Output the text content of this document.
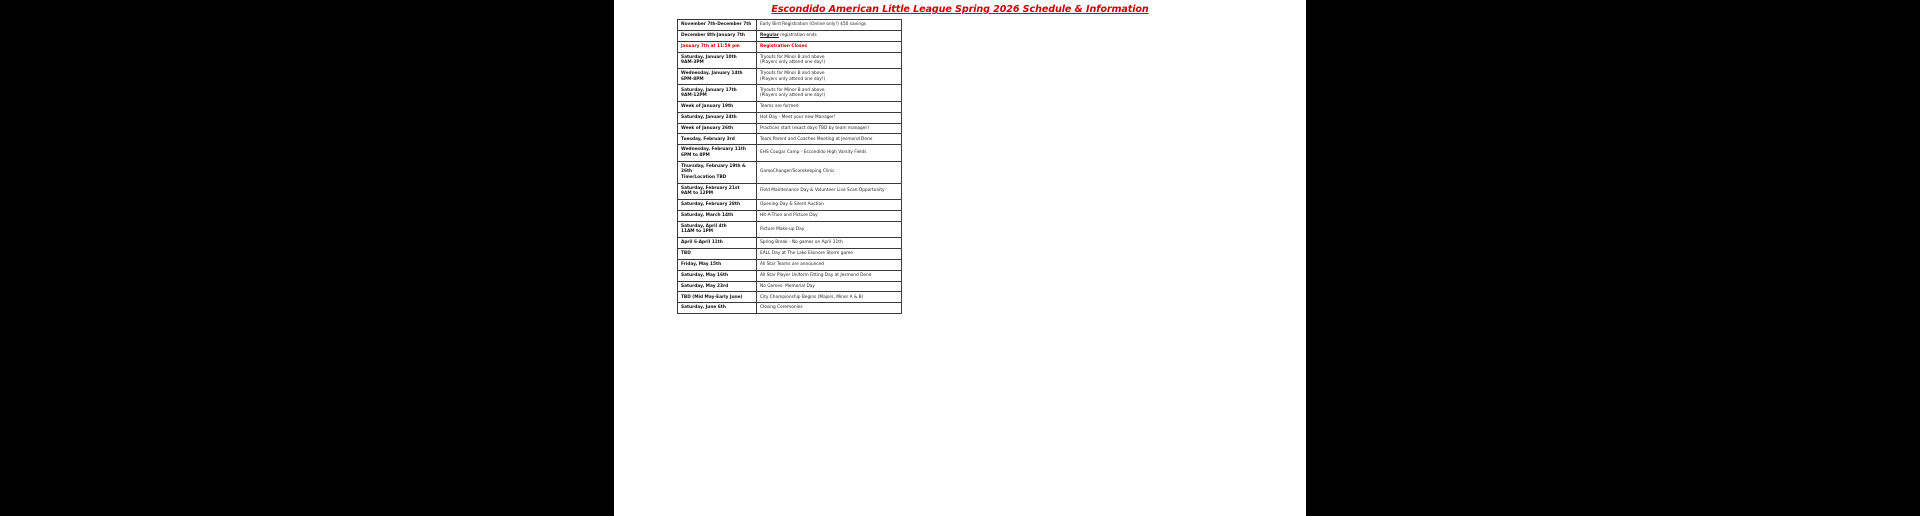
Escondido American Little League Spring 2026 Schedule & Information
November 7th-December 7th	Early Bird Registration (Online only!) $50 savings
December 8th-January 7th	Regular registration ends
January 7th at 11:59 pm	Registration Closes
Saturday, January 10th
9AM-3PM	Tryouts for Minor B and above
(Players only attend one day!)

Wednesday, January 14th
6PM-8PM	Tryouts for Minor B and above
(Players only attend one day!)

Saturday, January 17th
9AM-12PM	Tryouts for Minor B and above
(Players only attend one day!)

Week of January 19th	Teams are formed
Saturday, January 24th	Hat Day - Meet your new Manager!
Week of January 26th	Practices start (exact days TBD by team manager)
Tuesday, February 3rd	Team Parent and Coaches Meeting at Jesmond Dene
Wednesday, February 11th
6PM to 8PM	EHS Cougar Camp - Escondido High Varsity Fields
Thursday, February 19th & 26th
Time/Location TBD	GameChanger/Scorekeeping Clinic
Saturday, February 21st
9AM to 12PM	Field Maintenance Day & Volunteer Live Scan Opportunity
Saturday, February 28th	Opening Day & Silent Auction
Saturday, March 14th	Hit-A-Thon and Picture Day
Saturday, April 4th
11AM to 1PM	Picture Make-up Day
April 6-April 11th	Spring Break - No games on April 11th
TBD	EALL Day at The Lake Elsinore Storm game
Friday, May 15th	All Star Teams are announced
Saturday, May 16th	All Star Player Uniform Fitting Day at Jesmond Dene
Saturday, May 23rd	No Games- Memorial Day
TBD (Mid May-Early June)	City Championship Begins (Majors, Minor A & B)
Saturday, June 6th	Closing Ceremonies
